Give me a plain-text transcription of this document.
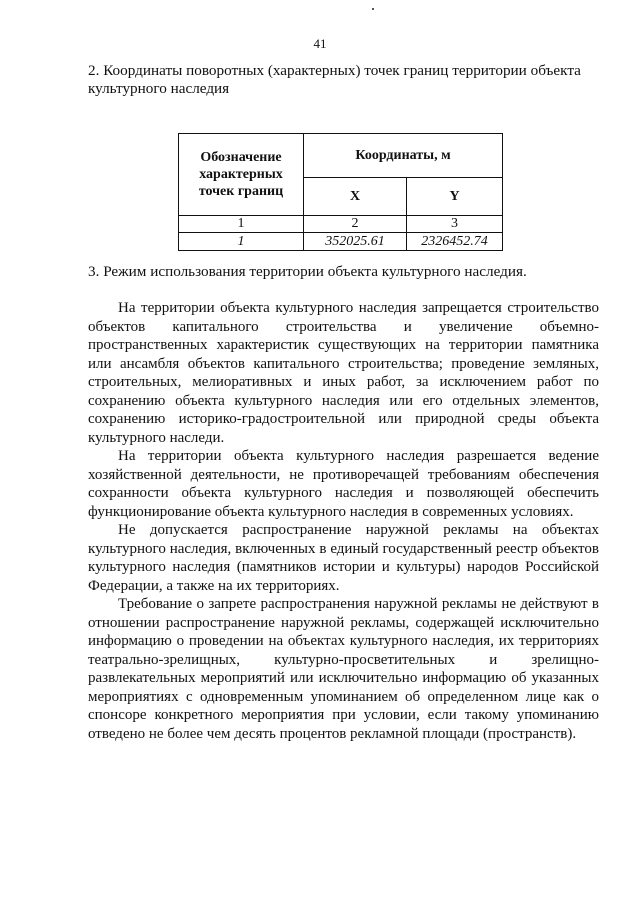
41
2. Координаты поворотных (характерных) точек границ территории объекта культурного наследия
Обозначение характерных точек границ	Координаты, м	
	X	Y
1	2	3
1	352025.61	2326452.74
3. Режим использования территории объекта культурного наследия.

На территории объекта культурного наследия запрещается строительство объектов капитального строительства и увеличение объемно-пространственных характеристик существующих на территории памятника или ансамбля объектов капитального строительства; проведение земляных, строительных, мелиоративных и иных работ, за исключением работ по сохранению объекта культурного наследия или его отдельных элементов, сохранению историко-градостроительной или природной среды объекта культурного наследи.

На территории объекта культурного наследия разрешается ведение хозяйственной деятельности, не противоречащей требованиям обеспечения сохранности объекта культурного наследия и позволяющей обеспечить функционирование объекта культурного наследия в современных условиях.

Не допускается распространение наружной рекламы на объектах культурного наследия, включенных в единый государственный реестр объектов культурного наследия (памятников истории и культуры) народов Российской Федерации, а также на их территориях.

Требование о запрете распространения наружной рекламы не действуют в отношении распространение наружной рекламы, содержащей исключительно информацию о проведении на объектах культурного наследия, их территориях театрально-зрелищных, культурно-просветительных и зрелищно-развлекательных мероприятий или исключительно информацию об указанных мероприятиях с одновременным упоминанием об определенном лице как о спонсоре конкретного мероприятия при условии, если такому упоминанию отведено не более чем десять процентов рекламной площади (пространств).
